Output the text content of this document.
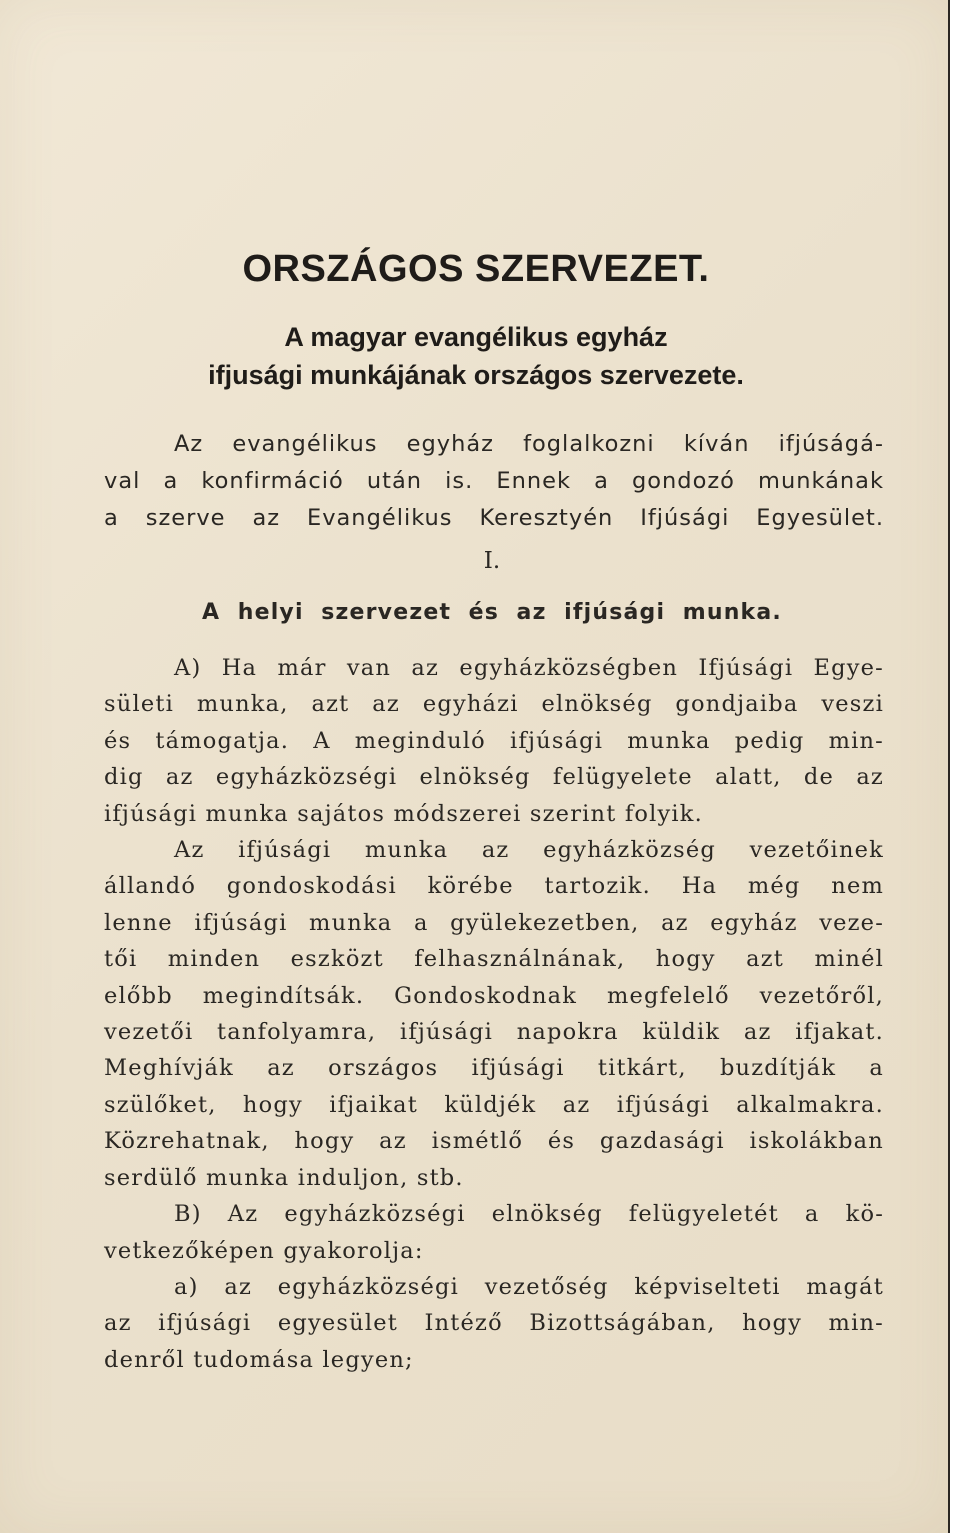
ORSZÁGOS SZERVEZET.
A magyar evangélikus egyház
ifjusági munkájának országos szervezete.
Az evangélikus egyház foglalkozni kíván ifjúságá-
val a konfirmáció után is. Ennek a gondozó munkának
a szerve az Evangélikus Keresztyén Ifjúsági Egyesület.
I.
A helyi szervezet és az ifjúsági munka.
A) Ha már van az egyházközségben Ifjúsági Egye-
sületi munka, azt az egyházi elnökség gondjaiba veszi
és támogatja. A meginduló ifjúsági munka pedig min-
dig az egyházközségi elnökség felügyelete alatt, de az
ifjúsági munka sajátos módszerei szerint folyik.
Az ifjúsági munka az egyházközség vezetőinek
állandó gondoskodási körébe tartozik. Ha még nem
lenne ifjúsági munka a gyülekezetben, az egyház veze-
tői minden eszközt felhasználnának, hogy azt minél
előbb megindítsák. Gondoskodnak megfelelő vezetőről,
vezetői tanfolyamra, ifjúsági napokra küldik az ifjakat.
Meghívják az országos ifjúsági titkárt, buzdítják a
szülőket, hogy ifjaikat küldjék az ifjúsági alkalmakra.
Közrehatnak, hogy az ismétlő és gazdasági iskolákban
serdülő munka induljon, stb.
B) Az egyházközségi elnökség felügyeletét a kö-
vetkezőképen gyakorolja:
a) az egyházközségi vezetőség képviselteti magát
az ifjúsági egyesület Intéző Bizottságában, hogy min-
denről tudomása legyen;
